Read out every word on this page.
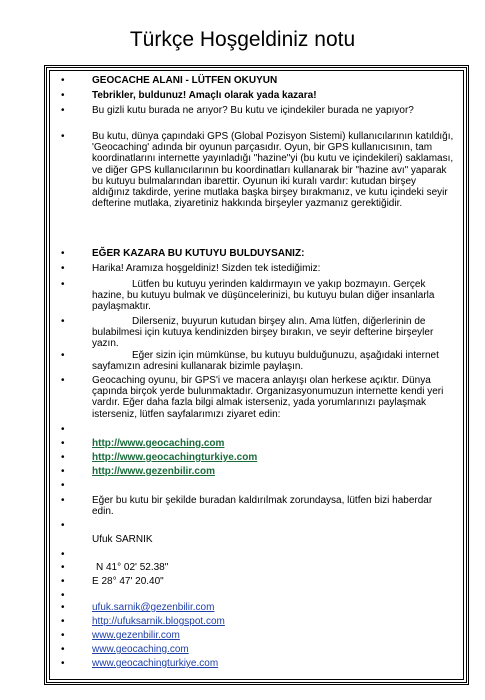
Türkçe Hoşgeldiniz notu
•	GEOCACHE ALANI - LÜTFEN OKUYUN
•	Tebrikler, buldunuz! Amaçlı olarak yada kazara!
•	Bu gizli kutu burada ne arıyor? Bu kutu ve içindekiler burada ne yapıyor?
•	Bu kutu, dünya çapındaki GPS (Global Pozisyon Sistemi) kullanıcılarının katıldığı, 'Geocaching' adında bir oyunun parçasıdır. Oyun, bir GPS kullanıcısının, tam koordinatlarını internette yayınladığı "hazine"yi (bu kutu ve içindekileri) saklaması, ve diğer GPS kullanıcılarının bu koordinatları kullanarak bir "hazine avı" yaparak bu kutuyu bulmalarından ibarettir. Oyunun iki kuralı vardır: kutudan birşey aldığınız takdirde, yerine mutlaka başka birşey bırakmanız, ve kutu içindeki seyir defterine mutlaka, ziyaretiniz hakkında birşeyler yazmanız gerektiğidir.
•	EĞER KAZARA BU KUTUYU BULDUYSANIZ:
•	Harika! Aramıza hoşgeldiniz! Sizden tek istediğimiz:
•	Lütfen bu kutuyu yerinden kaldırmayın ve yakıp bozmayın. Gerçek hazine, bu kutuyu bulmak ve düşüncelerinizi, bu kutuyu bulan diğer insanlarla paylaşmaktır.
•	Dilerseniz, buyurun kutudan birşey alın. Ama lütfen, diğerlerinin de bulabilmesi için kutuya kendinizden birşey bırakın, ve seyir defterine birşeyler yazın.
•	Eğer sizin için mümkünse, bu kutuyu bulduğunuzu, aşağıdaki internet sayfamızın adresini kullanarak bizimle paylaşın.
•	Geocaching oyunu, bir GPS'i ve macera anlayışı olan herkese açıktır. Dünya çapında birçok yerde bulunmaktadır. Organizasyonumuzun internette kendi yeri vardır. Eğer daha fazla bilgi almak isterseniz, yada yorumlarınızı paylaşmak isterseniz, lütfen sayfalarımızı ziyaret edin:
•
•	http://www.geocaching.com
•	http://www.geocachingturkiye.com
•	http://www.gezenbilir.com
•
•	Eğer bu kutu bir şekilde buradan kaldırılmak zorundaysa, lütfen bizi haberdar edin.
•
Ufuk SARNIK
•
•	N 41° 02' 52.38"
•	E 28° 47' 20.40"
•
•	ufuk.sarnik@gezenbilir.com
•	http://ufuksarnik.blogspot.com
•	www.gezenbilir.com
•	www.geocaching.com
•	www.geocachingturkiye.com
